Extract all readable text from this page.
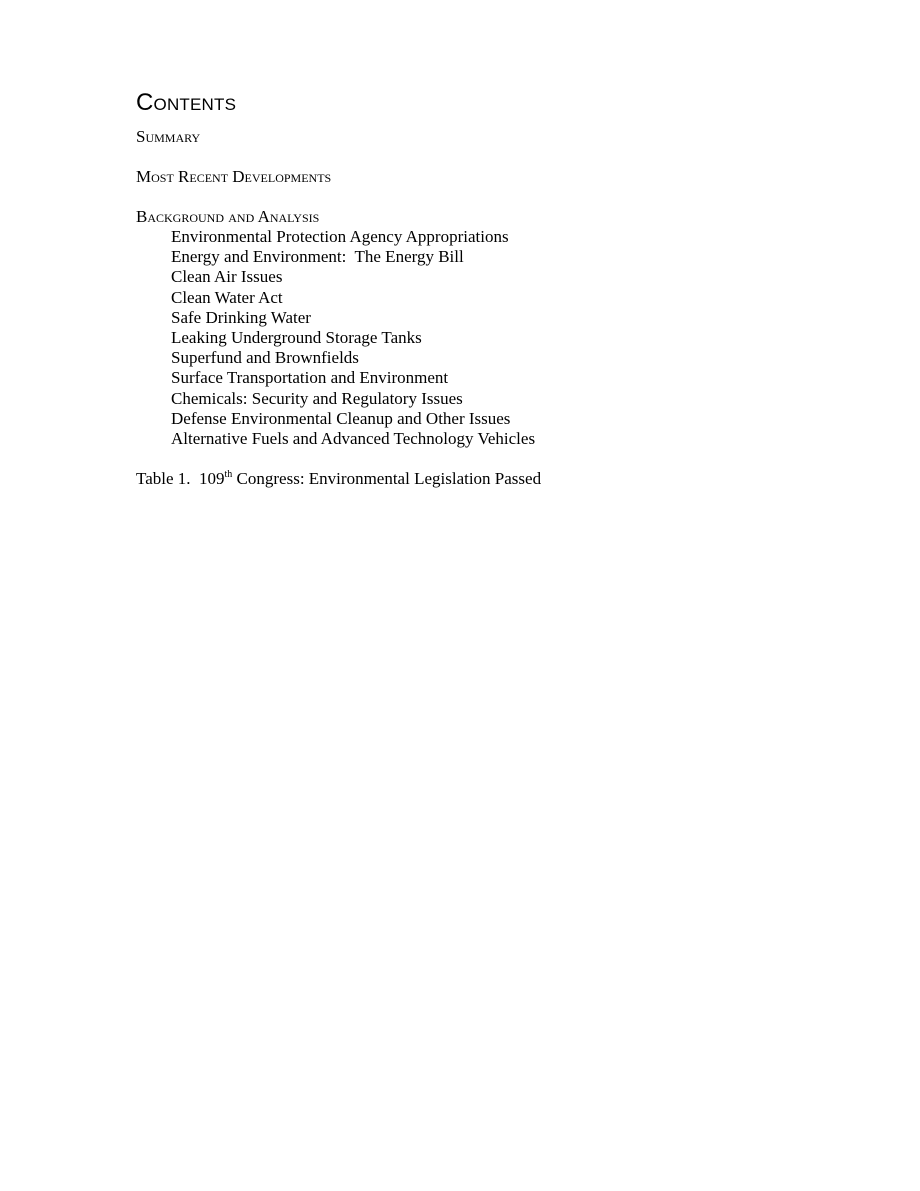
Contents

Summary

Most Recent Developments

Background and Analysis

Environmental Protection Agency Appropriations
Energy and Environment:  The Energy Bill
Clean Air Issues
Clean Water Act
Safe Drinking Water
Leaking Underground Storage Tanks
Superfund and Brownfields
Surface Transportation and Environment
Chemicals: Security and Regulatory Issues
Defense Environmental Cleanup and Other Issues
Alternative Fuels and Advanced Technology Vehicles

Table 1.  109th Congress: Environmental Legislation Passed
